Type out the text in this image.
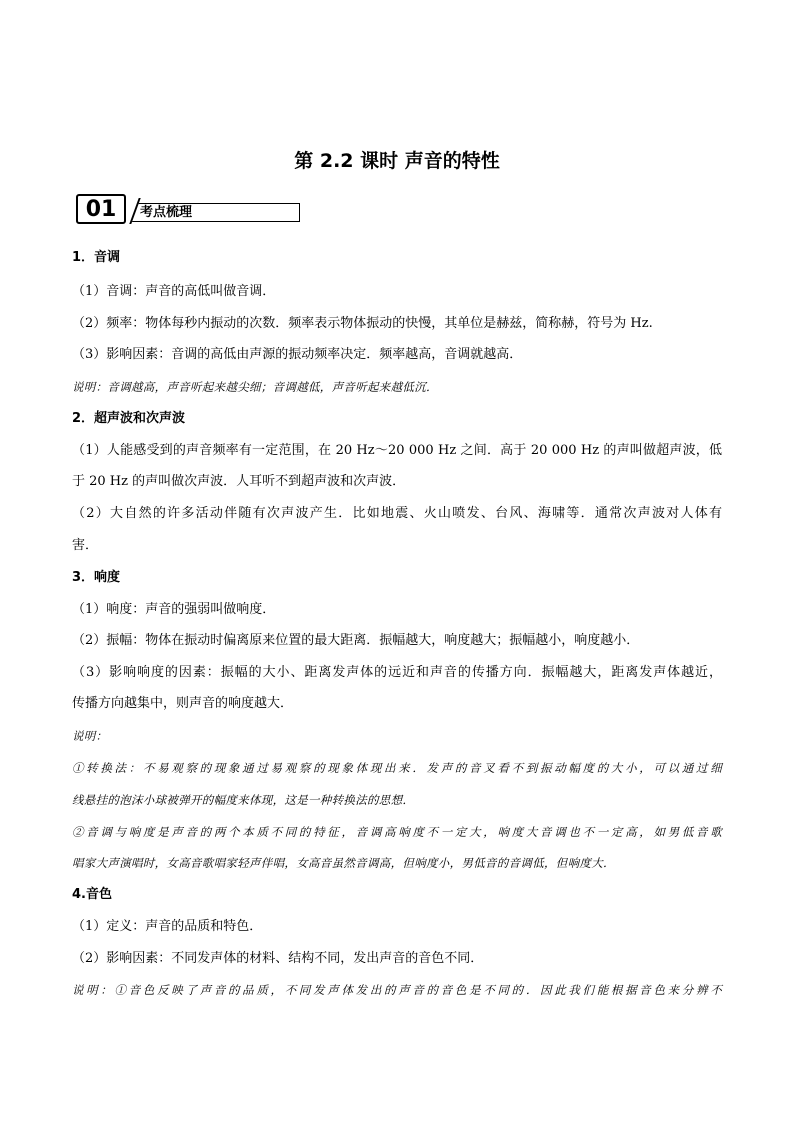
第 2.2 课时 声音的特性
考点梳理
01
1．音调
（1）音调：声音的高低叫做音调．
（2）频率：物体每秒内振动的次数．频率表示物体振动的快慢，其单位是赫兹，简称赫，符号为 Hz.
（3）影响因素：音调的高低由声源的振动频率决定．频率越高，音调就越高．
说明：音调越高，声音听起来越尖细；音调越低，声音听起来越低沉．
2．超声波和次声波
（1）人能感受到的声音频率有一定范围，在 20 Hz～20 000 Hz 之间．高于 20 000 Hz 的声叫做超声波，低
于 20 Hz 的声叫做次声波．人耳听不到超声波和次声波．
（2）大自然的许多活动伴随有次声波产生．比如地震、火山喷发、台风、海啸等．通常次声波对人体有
害．
3．响度
（1）响度：声音的强弱叫做响度．
（2）振幅：物体在振动时偏离原来位置的最大距离．振幅越大，响度越大；振幅越小，响度越小．
（3）影响响度的因素：振幅的大小、距离发声体的远近和声音的传播方向．振幅越大，距离发声体越近，
传播方向越集中，则声音的响度越大．
说明：
①转换法：不易观察的现象通过易观察的现象体现出来．发声的音叉看不到振动幅度的大小，可以通过细
线悬挂的泡沫小球被弹开的幅度来体现，这是一种转换法的思想．
②音调与响度是声音的两个本质不同的特征，音调高响度不一定大，响度大音调也不一定高，如男低音歌
唱家大声演唱时，女高音歌唱家轻声伴唱，女高音虽然音调高，但响度小，男低音的音调低，但响度大．
4.音色
（1）定义：声音的品质和特色．
（2）影响因素：不同发声体的材料、结构不同，发出声音的音色不同．
说明：①音色反映了声音的品质，不同发声体发出的声音的音色是不同的．因此我们能根据音色来分辨不
